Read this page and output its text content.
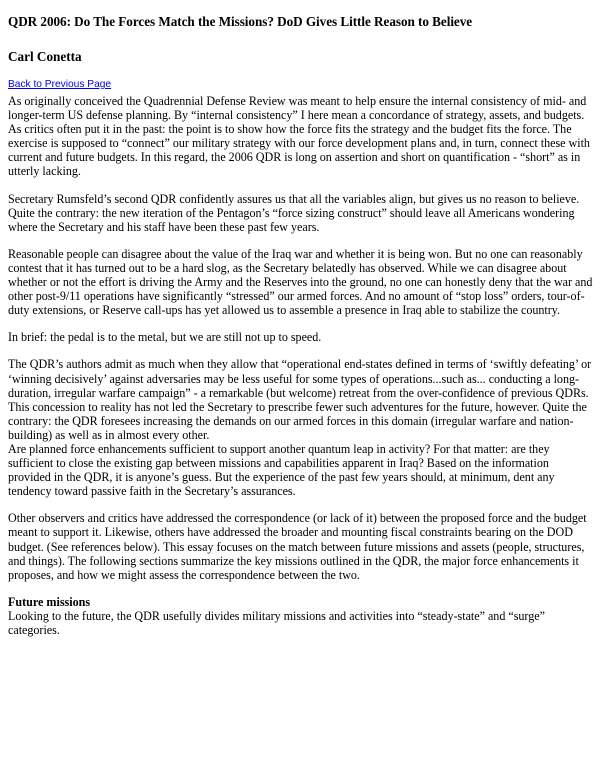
QDR 2006: Do The Forces Match the Missions? DoD Gives Little Reason to Believe
Carl Conetta
Back to Previous Page

As originally conceived the Quadrennial Defense Review was meant to help ensure the internal consistency of mid- and longer-term US defense planning. By “internal consistency” I here mean a concordance of strategy, assets, and budgets. As critics often put it in the past: the point is to show how the force fits the strategy and the budget fits the force. The exercise is supposed to “connect” our military strategy with our force development plans and, in turn, connect these with current and future budgets. In this regard, the 2006 QDR is long on assertion and short on quantification - “short” as in utterly lacking.

Secretary Rumsfeld’s second QDR confidently assures us that all the variables align, but gives us no reason to believe. Quite the contrary: the new iteration of the Pentagon’s “force sizing construct” should leave all Americans wondering where the Secretary and his staff have been these past few years.

Reasonable people can disagree about the value of the Iraq war and whether it is being won. But no one can reasonably contest that it has turned out to be a hard slog, as the Secretary belatedly has observed. While we can disagree about whether or not the effort is driving the Army and the Reserves into the ground, no one can honestly deny that the war and other post-9/11 operations have significantly “stressed” our armed forces. And no amount of “stop loss” orders, tour-of-duty extensions, or Reserve call-ups has yet allowed us to assemble a presence in Iraq able to stabilize the country.

In brief: the pedal is to the metal, but we are still not up to speed.

The QDR’s authors admit as much when they allow that “operational end-states defined in terms of ‘swiftly defeating’ or ‘winning decisively’ against adversaries may be less useful for some types of operations...such as... conducting a long-duration, irregular warfare campaign” - a remarkable (but welcome) retreat from the over-confidence of previous QDRs. This concession to reality has not led the Secretary to prescribe fewer such adventures for the future, however. Quite the contrary: the QDR foresees increasing the demands on our armed forces in this domain (irregular warfare and nation-building) as well as in almost every other.

Are planned force enhancements sufficient to support another quantum leap in activity? For that matter: are they sufficient to close the existing gap between missions and capabilities apparent in Iraq? Based on the information provided in the QDR, it is anyone’s guess. But the experience of the past few years should, at minimum, dent any tendency toward passive faith in the Secretary’s assurances.

Other observers and critics have addressed the correspondence (or lack of it) between the proposed force and the budget meant to support it. Likewise, others have addressed the broader and mounting fiscal constraints bearing on the DOD budget. (See references below). This essay focuses on the match between future missions and assets (people, structures, and things). The following sections summarize the key missions outlined in the QDR, the major force enhancements it proposes, and how we might assess the correspondence between the two.

Future missions

Looking to the future, the QDR usefully divides military missions and activities into “steady-state” and “surge” categories.
